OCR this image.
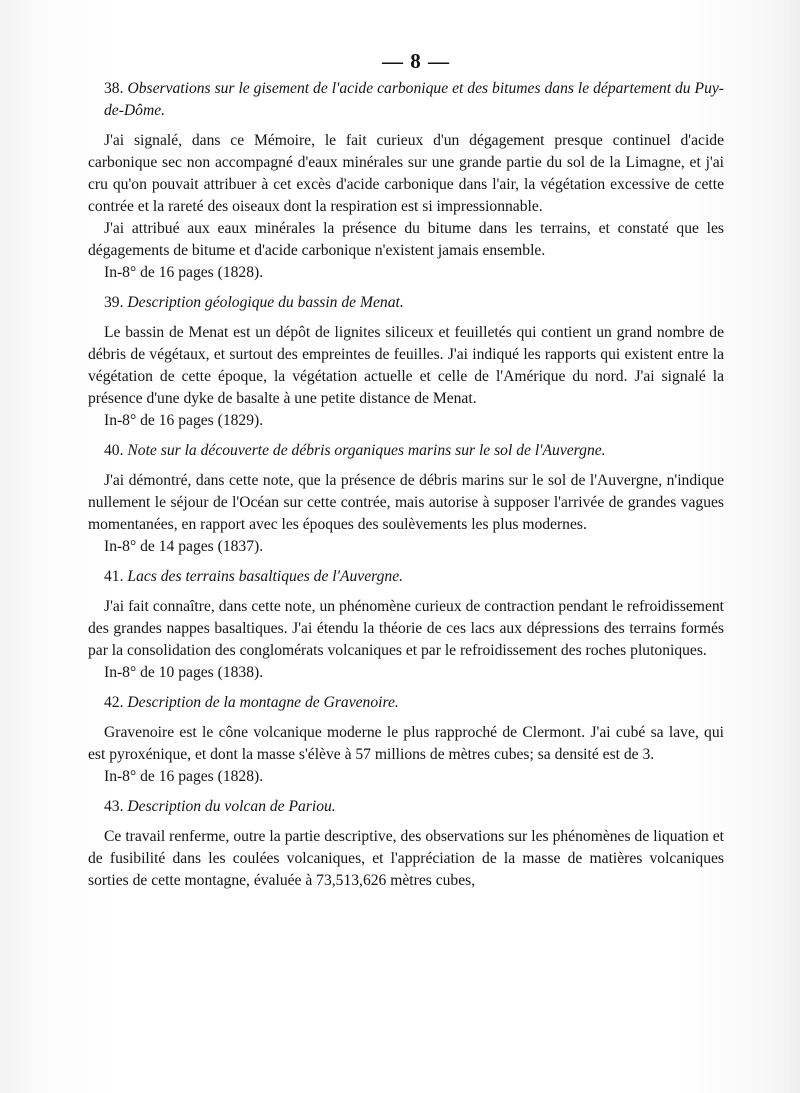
— 8 —
38. Observations sur le gisement de l'acide carbonique et des bitumes dans le département du Puy-de-Dôme.

J'ai signalé, dans ce Mémoire, le fait curieux d'un dégagement presque continuel d'acide carbonique sec non accompagné d'eaux minérales sur une grande partie du sol de la Limagne, et j'ai cru qu'on pouvait attribuer à cet excès d'acide carbonique dans l'air, la végétation excessive de cette contrée et la rareté des oiseaux dont la respiration est si impressionnable.

J'ai attribué aux eaux minérales la présence du bitume dans les terrains, et constaté que les dégagements de bitume et d'acide carbonique n'existent jamais ensemble.

In-8° de 16 pages (1828).
39. Description géologique du bassin de Menat.

Le bassin de Menat est un dépôt de lignites siliceux et feuilletés qui contient un grand nombre de débris de végétaux, et surtout des empreintes de feuilles. J'ai indiqué les rapports qui existent entre la végétation de cette époque, la végétation actuelle et celle de l'Amérique du nord. J'ai signalé la présence d'une dyke de basalte à une petite distance de Menat.

In-8° de 16 pages (1829).
40. Note sur la découverte de débris organiques marins sur le sol de l'Auvergne.

J'ai démontré, dans cette note, que la présence de débris marins sur le sol de l'Auvergne, n'indique nullement le séjour de l'Océan sur cette contrée, mais autorise à supposer l'arrivée de grandes vagues momentanées, en rapport avec les époques des soulèvements les plus modernes.

In-8° de 14 pages (1837).
41. Lacs des terrains basaltiques de l'Auvergne.

J'ai fait connaître, dans cette note, un phénomène curieux de contraction pendant le refroidissement des grandes nappes basaltiques. J'ai étendu la théorie de ces lacs aux dépressions des terrains formés par la consolidation des conglomérats volcaniques et par le refroidissement des roches plutoniques.

In-8° de 10 pages (1838).
42. Description de la montagne de Gravenoire.

Gravenoire est le cône volcanique moderne le plus rapproché de Clermont. J'ai cubé sa lave, qui est pyroxénique, et dont la masse s'élève à 57 millions de mètres cubes; sa densité est de 3.

In-8° de 16 pages (1828).
43. Description du volcan de Pariou.

Ce travail renferme, outre la partie descriptive, des observations sur les phénomènes de liquation et de fusibilité dans les coulées volcaniques, et l'appréciation de la masse de matières volcaniques sorties de cette montagne, évaluée à 73,513,626 mètres cubes,
